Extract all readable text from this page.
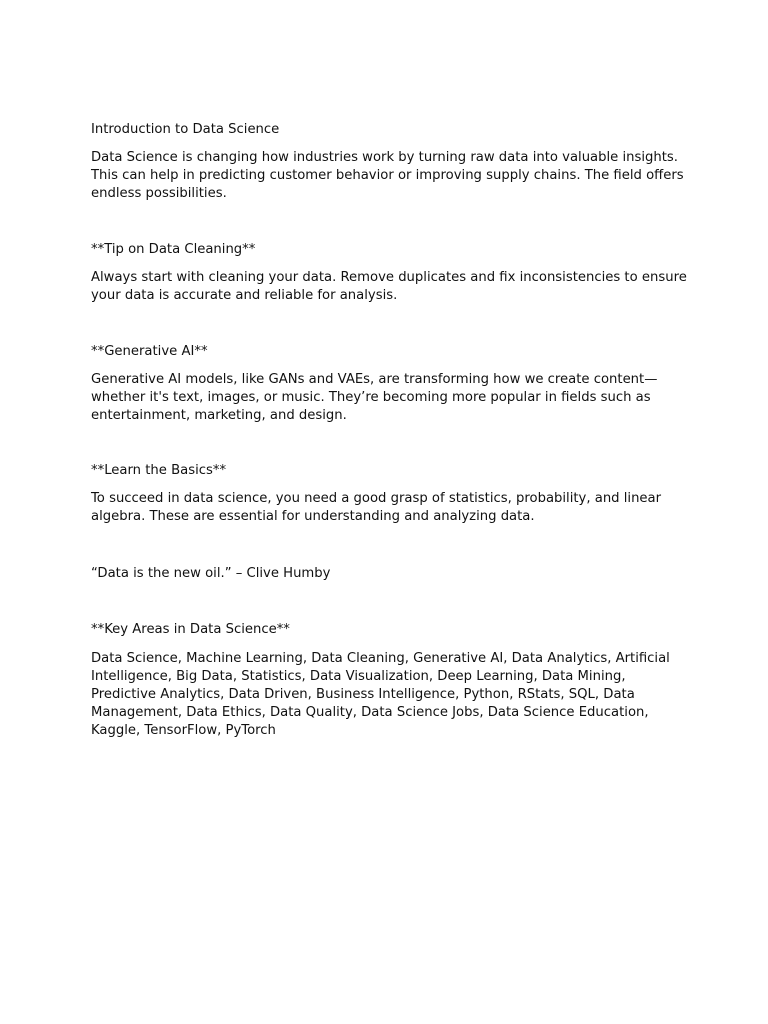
Introduction to Data Science

Data Science is changing how industries work by turning raw data into valuable insights. This can help in predicting customer behavior or improving supply chains. The field offers endless possibilities.

**Tip on Data Cleaning**

Always start with cleaning your data. Remove duplicates and fix inconsistencies to ensure your data is accurate and reliable for analysis.

**Generative AI**

Generative AI models, like GANs and VAEs, are transforming how we create content—whether it's text, images, or music. They’re becoming more popular in fields such as entertainment, marketing, and design.

**Learn the Basics**

To succeed in data science, you need a good grasp of statistics, probability, and linear algebra. These are essential for understanding and analyzing data.

“Data is the new oil.” – Clive Humby

**Key Areas in Data Science**

Data Science, Machine Learning, Data Cleaning, Generative AI, Data Analytics, Artificial Intelligence, Big Data, Statistics, Data Visualization, Deep Learning, Data Mining, Predictive Analytics, Data Driven, Business Intelligence, Python, RStats, SQL, Data Management, Data Ethics, Data Quality, Data Science Jobs, Data Science Education, Kaggle, TensorFlow, PyTorch
